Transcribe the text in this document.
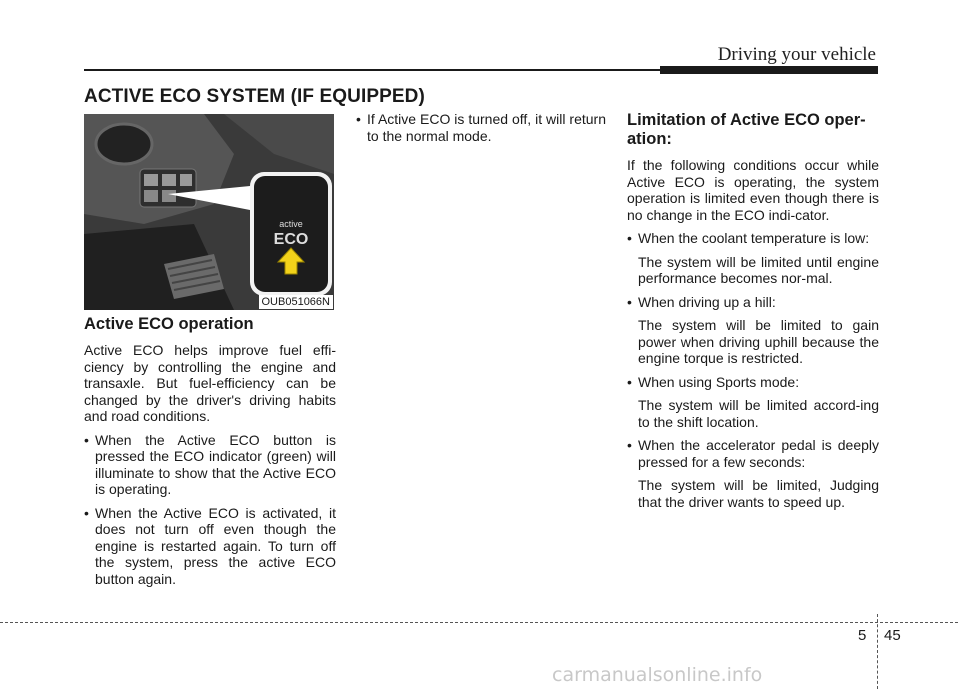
Driving your vehicle
ACTIVE ECO SYSTEM (IF EQUIPPED)
active
ECO
OUB051066N
Active ECO operation

Active ECO helps improve fuel effi-ciency by controlling the engine and transaxle. But fuel-efficiency can be changed by the driver's driving habits and road conditions.

• When the Active ECO button is pressed the ECO indicator (green) will illuminate to show that the Active ECO is operating.
• When the Active ECO is activated, it does not turn off even though the engine is restarted again. To turn off the system, press the active ECO button again.
• If Active ECO is turned off, it will return to the normal mode.
Limitation of Active ECO oper-ation:

If the following conditions occur while Active ECO is operating, the system operation is limited even though there is no change in the ECO indi-cator.

• When the coolant temperature is low:
The system will be limited until engine performance becomes nor-mal.
• When driving up a hill:
The system will be limited to gain power when driving uphill because the engine torque is restricted.
• When using Sports mode:
The system will be limited accord-ing to the shift location.
• When the accelerator pedal is deeply pressed for a few seconds:
The system will be limited, Judging that the driver wants to speed up.
5 45
carmanualsonline.info
